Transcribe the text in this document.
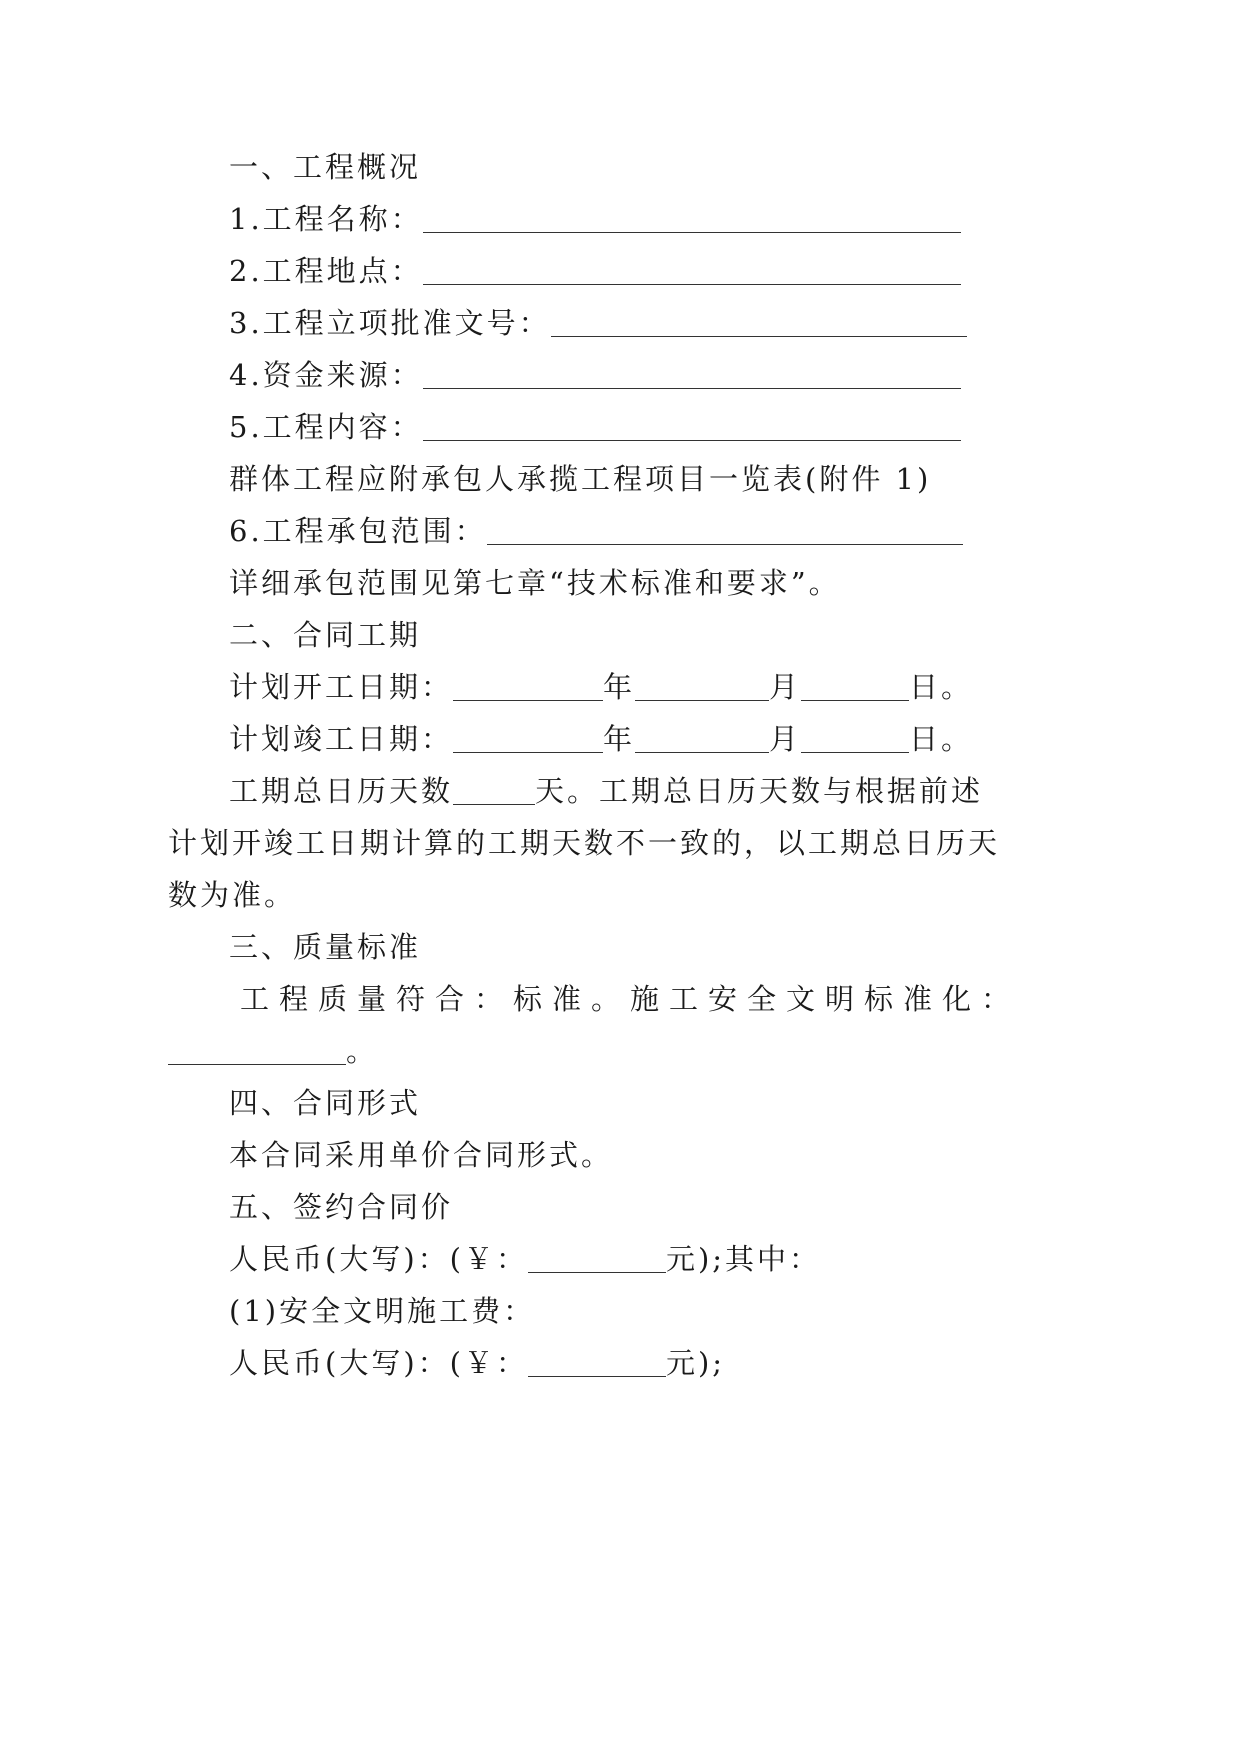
一、工程概况
1.工程名称：
2.工程地点：
3.工程立项批准文号：
4.资金来源：
5.工程内容：
群体工程应附承包人承揽工程项目一览表(附件 1)
6.工程承包范围：
详细承包范围见第七章“技术标准和要求”。
二、合同工期
计划开工日期：	年	月	日。
计划竣工日期：	年	月	日。
工期总日历天数	天。工期总日历天数与根据前述
计划开竣工日期计算的工期天数不一致的，以工期总日历天
数为准。
三、质量标准
工程质量符合：标准。施工安全文明标准化：
。
四、合同形式
本合同采用单价合同形式。
五、签约合同价
人民币(大写)：(￥：	元);其中：
(1)安全文明施工费：
人民币(大写)：(￥：	元);
